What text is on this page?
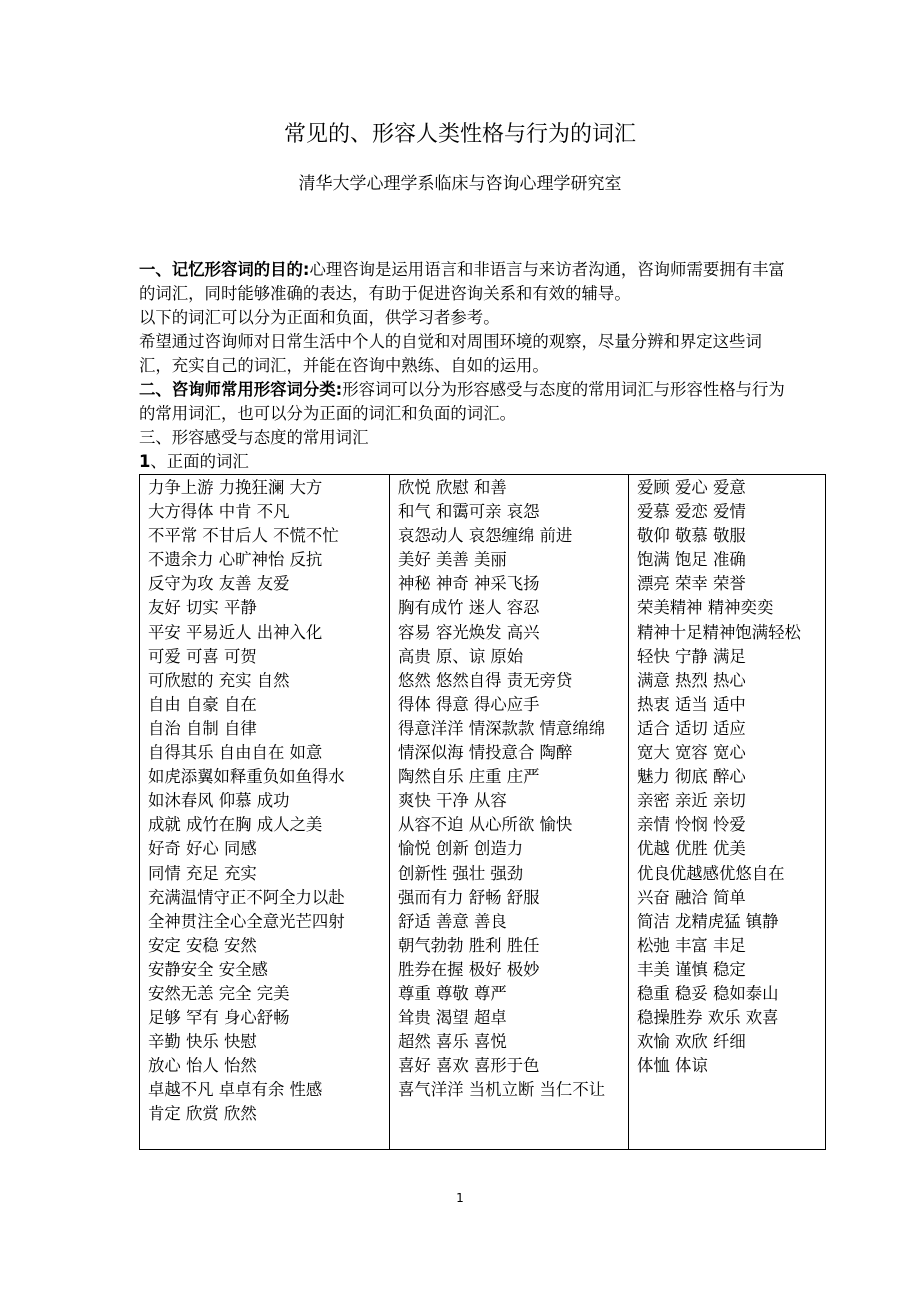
常见的、形容人类性格与行为的词汇
清华大学心理学系临床与咨询心理学研究室

一、记忆形容词的目的:心理咨询是运用语言和非语言与来访者沟通，咨询师需要拥有丰富的词汇，同时能够准确的表达，有助于促进咨询关系和有效的辅导。

以下的词汇可以分为正面和负面，供学习者参考。

希望通过咨询师对日常生活中个人的自觉和对周围环境的观察，尽量分辨和界定这些词汇，充实自己的词汇，并能在咨询中熟练、自如的运用。

二、咨询师常用形容词分类:形容词可以分为形容感受与态度的常用词汇与形容性格与行为的常用词汇，也可以分为正面的词汇和负面的词汇。

三、形容感受与态度的常用词汇

1、正面的词汇

力争上游 力挽狂澜 大方
大方得体 中肯 不凡
不平常 不甘后人 不慌不忙
不遗余力 心旷神怡 反抗
反守为攻 友善 友爱
友好 切实 平静
平安 平易近人 出神入化
可爱 可喜 可贺
可欣慰的 充实 自然
自由 自豪 自在
自治 自制 自律
自得其乐 自由自在 如意
如虎添翼如释重负如鱼得水
如沐春风 仰慕 成功
成就 成竹在胸 成人之美
好奇 好心 同感
同情 充足 充实
充满温情守正不阿全力以赴
全神贯注全心全意光芒四射
安定 安稳 安然
安静安全 安全感
安然无恙 完全 完美
足够 罕有 身心舒畅
辛勤 快乐 快慰
放心 怡人 怡然
卓越不凡 卓卓有余 性感
肯定 欣赏 欣然

欣悦 欣慰 和善
和气 和霭可亲 哀怨
哀怨动人 哀怨缠绵 前进
美好 美善 美丽
神秘 神奇 神采飞扬
胸有成竹 迷人 容忍
容易 容光焕发 高兴
高贵 原、谅 原始
悠然 悠然自得 责无旁贷
得体 得意 得心应手
得意洋洋 情深款款 情意绵绵
情深似海 情投意合 陶醉
陶然自乐 庄重 庄严
爽快 干净 从容
从容不迫 从心所欲 愉快
愉悦 创新 创造力
创新性 强壮 强劲
强而有力 舒畅 舒服
舒适 善意 善良
朝气勃勃 胜利 胜任
胜券在握 极好 极妙
尊重 尊敬 尊严
耸贵 渴望 超卓
超然 喜乐 喜悦
喜好 喜欢 喜形于色
喜气洋洋 当机立断 当仁不让

爱顾 爱心 爱意
爱慕 爱恋 爱情
敬仰 敬慕 敬服
饱满 饱足 准确
漂亮 荣幸 荣誉
荣美精神 精神奕奕
精神十足精神饱满轻松
轻快 宁静 满足
满意 热烈 热心
热衷 适当 适中
适合 适切 适应
宽大 宽容 宽心
魅力 彻底 醉心
亲密 亲近 亲切
亲情 怜悯 怜爱
优越 优胜 优美
优良优越感优悠自在
兴奋 融洽 简单
简洁 龙精虎猛 镇静
松弛 丰富 丰足
丰美 谨慎 稳定
稳重 稳妥 稳如泰山
稳操胜券 欢乐 欢喜
欢愉 欢欣 纤细
体恤 体谅
1
